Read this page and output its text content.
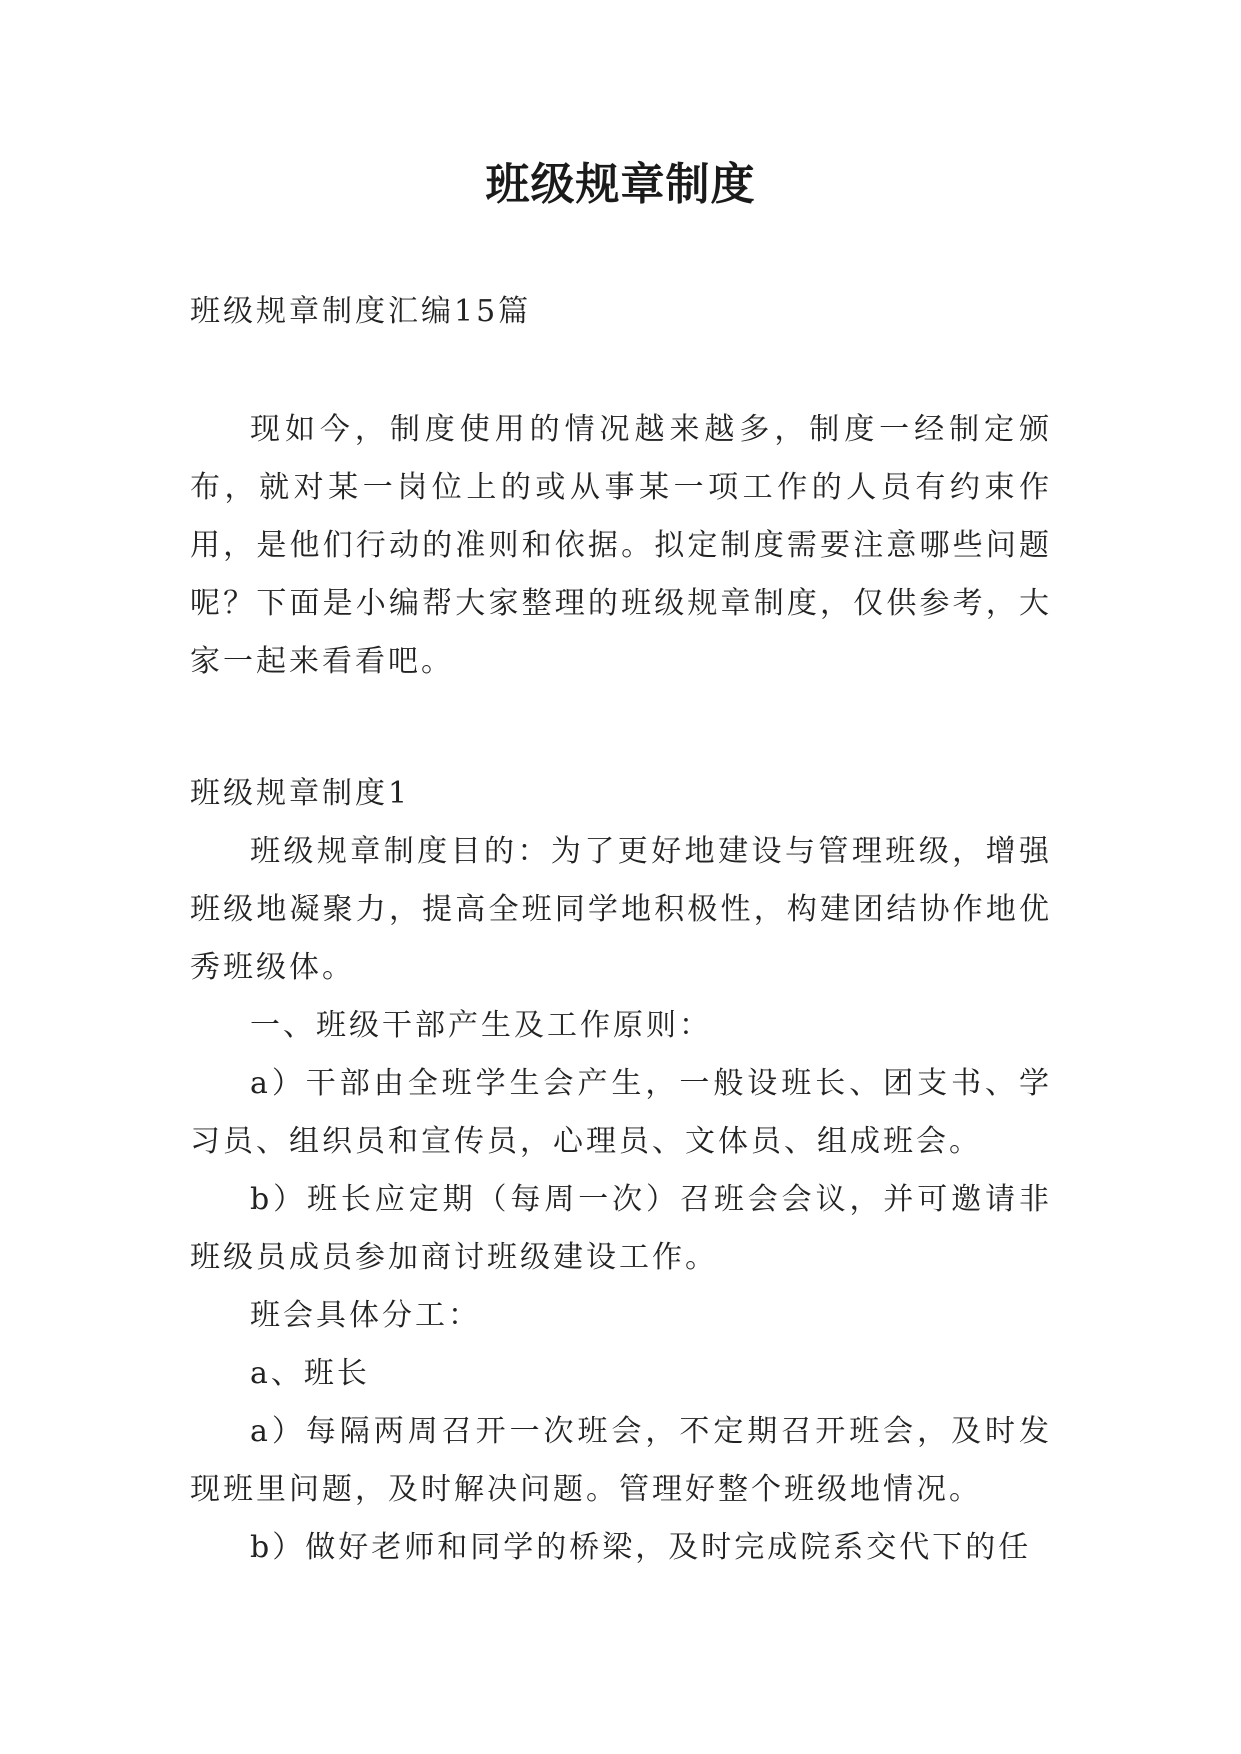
班级规章制度
班级规章制度汇编15篇

现如今，制度使用的情况越来越多，制度一经制定颁布，就对某一岗位上的或从事某一项工作的人员有约束作用，是他们行动的准则和依据。拟定制度需要注意哪些问题呢？下面是小编帮大家整理的班级规章制度，仅供参考，大家一起来看看吧。

班级规章制度1

班级规章制度目的：为了更好地建设与管理班级，增强班级地凝聚力，提高全班同学地积极性，构建团结协作地优秀班级体。

一、班级干部产生及工作原则：

a）干部由全班学生会产生，一般设班长、团支书、学习员、组织员和宣传员，心理员、文体员、组成班会。

b）班长应定期（每周一次）召班会会议，并可邀请非班级员成员参加商讨班级建设工作。

班会具体分工：

a、班长

a）每隔两周召开一次班会，不定期召开班会，及时发现班里问题，及时解决问题。管理好整个班级地情况。

b）做好老师和同学的桥梁，及时完成院系交代下的任
